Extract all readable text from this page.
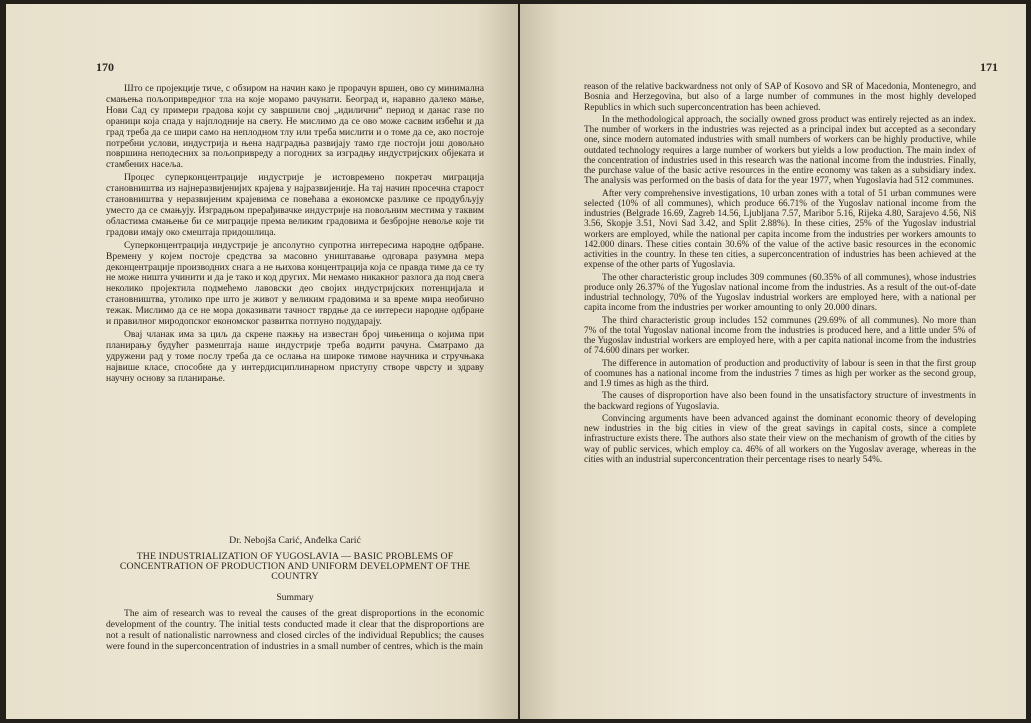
170

Што се пројекције тиче, с обзиром на начин како је прорачун вршен, ово су минимална смањења пољопривредног тла на које морамо рачунати. Београд и, наравно далеко мање, Нови Сад су примери градова који су завршили свој „идилични“ период и данас газе по ораници која спада у најплодније на свету. Не мислимо да се ово може сасвим избећи и да град треба да се шири само на неплодном тлу или треба мислити и о томе да се, ако постоје потребни услови, индустрија и њена надградња развијају тамо где постоји још довољно површина неподесних за пољопривреду а погодних за изградњу индустријских објеката и стамбених насеља.

Процес суперконцентрације индустрије је истовремено покретач миграција становништва из најнеразвијенијих крајева у најразвијеније. На тај начин просечна старост становништва у неразвијеним крајевима се повећава а економске разлике се продубљују уместо да се смањују. Изградњом прерађивачке индустрије на повољним местима у таквим областима смањење би се миграције према великим градовима и безбројне невоље које ти градови имају око смештаја придошлица.

Суперконцентрација индустрије је апсолутно супротна интересима народне одбране. Времену у којем постоје средства за масовно уништавање одговара разумна мера деконцентрације производних снага а не њихова концентрација која се правда тиме да се ту не може ништа учинити и да је тако и код других. Ми немамо никакног разлога да под свега неколико пројектила подмећемо лавовски део својих индустријских потенцијала и становништва, утолико пре што је живот у великим градовима и за време мира необично тежак. Мислимо да се не мора доказивати тачност тврдње да се интереси народне одбране и правилног миродопског економског развитка потпуно подударају.

Овај чланак има за циљ да скрене пажњу на известан број чињеница о којима при планирању будућег размештаја наше индустрије треба водити рачуна. Сматрамо да удружени рад у томе послу треба да се ослања на широке тимове научника и стручњака највише класе, способне да у интердисциплинарном приступу створе чврсту и здраву научну основу за планирање.

Dr. Nebojša Carić, Anđelka Carić
THE INDUSTRIALIZATION OF YUGOSLAVIA — BASIC PROBLEMS OF CONCENTRATION OF PRODUCTION AND UNIFORM DEVELOPMENT OF THE COUNTRY
Summary

The aim of research was to reveal the causes of the great disproportions in the economic development of the country. The initial tests conducted made it clear that the disproportions are not a result of nationalistic narrowness and closed circles of the individual Republics; the causes were found in the superconcentration of industries in a small number of centres, which is the main

171

reason of the relative backwardness not only of SAP of Kosovo and SR of Macedonia, Montenegro, and Bosnia and Herzegovina, but also of a large number of communes in the most highly developed Republics in which such superconcentration has been achieved.

In the methodological approach, the socially owned gross product was entirely rejected as an index. The number of workers in the industries was rejected as a principal index but accepted as a secondary one, since modern automated industries with small numbers of workers can be highly productive, while outdated technology requires a large number of workers but yields a low production. The main index of the concentration of industries used in this research was the national income from the industries. Finally, the purchase value of the basic active resources in the entire economy was taken as a subsidiary index. The analysis was performed on the basis of data for the year 1977, when Yugoslavia had 512 communes.

After very comprehensive investigations, 10 urban zones with a total of 51 urban communes were selected (10% of all communes), which produce 66.71% of the Yugoslav national income from the industries (Belgrade 16.69, Zagreb 14.56, Ljubljana 7.57, Maribor 5.16, Rijeka 4.80, Sarajevo 4.56, Niš 3.56, Skopje 3.51, Novi Sad 3.42, and Split 2.88%). In these cities, 25% of the Yugoslav industrial workers are employed, while the national per capita income from the industries per workers amounts to 142.000 dinars. These cities contain 30.6% of the value of the active basic resources in the economic activities in the country. In these ten cities, a superconcentration of industries has been achieved at the expense of the other parts of Yugoslavia.

The other characteristic group includes 309 communes (60.35% of all communes), whose industries produce only 26.37% of the Yugoslav national income from the industries. As a result of the out-of-date industrial technology, 70% of the Yugoslav industrial workers are employed here, with a national per capita income from the industries per worker amounting to only 20.000 dinars.

The third characteristic group includes 152 communes (29.69% of all communes). No more than 7% of the total Yugoslav national income from the industries is produced here, and a little under 5% of the Yugoslav industrial workers are employed here, with a per capita national income from the industries of 74.600 dinars per worker.

The difference in automation of production and productivity of labour is seen in that the first group of coomunes has a national income from the industries 7 times as high per worker as the second group, and 1.9 times as high as the third.

The causes of disproportion have also been found in the unsatisfactory structure of investments in the backward regions of Yugoslavia.

Convincing arguments have been advanced against the dominant economic theory of developing new industries in the big cities in view of the great savings in capital costs, since a complete infrastructure exists there. The authors also state their view on the mechanism of growth of the cities by way of public services, which employ ca. 46% of all workers on the Yugoslav average, whereas in the cities with an industrial superconcentration their percentage rises to nearly 54%.
